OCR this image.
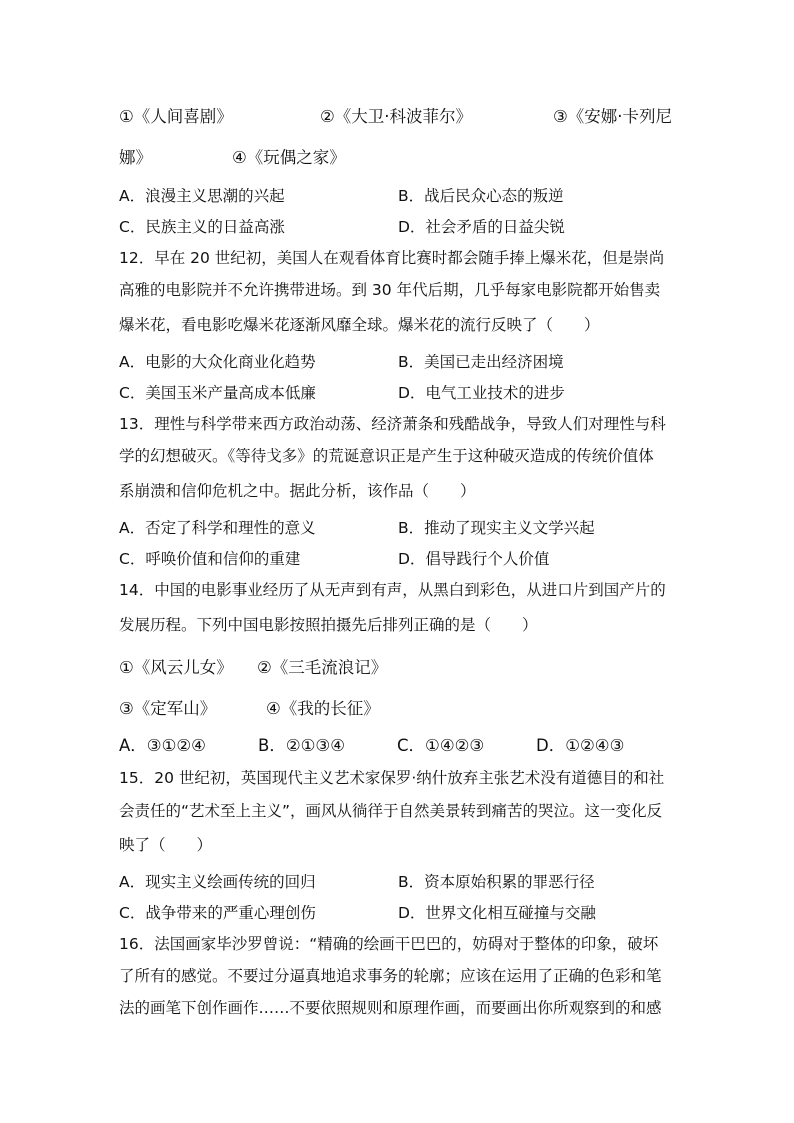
①《人间喜剧》	②《大卫·科波菲尔》	③《安娜·卡列尼
娜》	④《玩偶之家》
A．浪漫主义思潮的兴起	B．战后民众心态的叛逆
C．民族主义的日益高涨	D．社会矛盾的日益尖锐
12．早在 20 世纪初，美国人在观看体育比赛时都会随手捧上爆米花，但是崇尚
高雅的电影院并不允许携带进场。到 30 年代后期，几乎每家电影院都开始售卖
爆米花，看电影吃爆米花逐渐风靡全球。爆米花的流行反映了（　　）
A．电影的大众化商业化趋势	B．美国已走出经济困境
C．美国玉米产量高成本低廉	D．电气工业技术的进步
13．理性与科学带来西方政治动荡、经济萧条和残酷战争，导致人们对理性与科
学的幻想破灭。《等待戈多》的荒诞意识正是产生于这种破灭造成的传统价值体
系崩溃和信仰危机之中。据此分析，该作品（　　）
A．否定了科学和理性的意义	B．推动了现实主义文学兴起
C．呼唤价值和信仰的重建	D．倡导践行个人价值
14．中国的电影事业经历了从无声到有声，从黑白到彩色，从进口片到国产片的
发展历程。下列中国电影按照拍摄先后排列正确的是（　　）
①《风云儿女》 ②《三毛流浪记》
③《定军山》	④《我的长征》
A．③①②④	B．②①③④	C．①④②③	D．①②④③
15．20 世纪初，英国现代主义艺术家保罗·纳什放弃主张艺术没有道德目的和社
会责任的“艺术至上主义”，画风从徜徉于自然美景转到痛苦的哭泣。这一变化反
映了（　　）
A．现实主义绘画传统的回归	B．资本原始积累的罪恶行径
C．战争带来的严重心理创伤	D．世界文化相互碰撞与交融
16．法国画家毕沙罗曾说：“精确的绘画干巴巴的，妨碍对于整体的印象，破坏
了所有的感觉。不要过分逼真地追求事务的轮廓；应该在运用了正确的色彩和笔
法的画笔下创作画作……不要依照规则和原理作画，而要画出你所观察到的和感
